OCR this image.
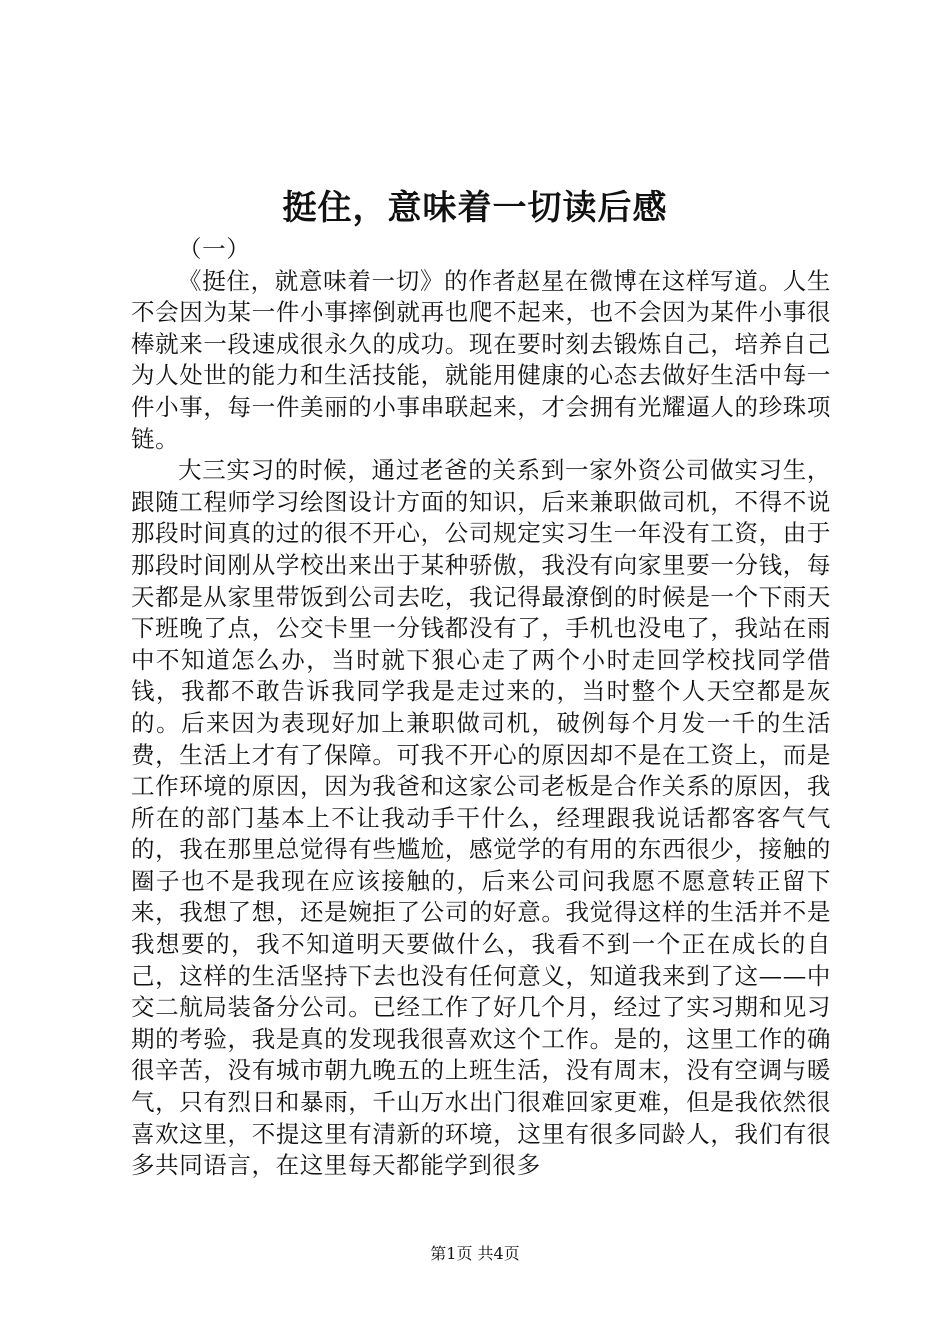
挺住，意味着一切读后感

（一）

《挺住，就意味着一切》的作者赵星在微博在这样写道。人生不会因为某一件小事摔倒就再也爬不起来，也不会因为某件小事很棒就来一段速成很永久的成功。现在要时刻去锻炼自己，培养自己为人处世的能力和生活技能，就能用健康的心态去做好生活中每一件小事，每一件美丽的小事串联起来，才会拥有光耀逼人的珍珠项链。

大三实习的时候，通过老爸的关系到一家外资公司做实习生，跟随工程师学习绘图设计方面的知识，后来兼职做司机，不得不说那段时间真的过的很不开心，公司规定实习生一年没有工资，由于那段时间刚从学校出来出于某种骄傲，我没有向家里要一分钱，每天都是从家里带饭到公司去吃，我记得最潦倒的时候是一个下雨天下班晚了点，公交卡里一分钱都没有了，手机也没电了，我站在雨中不知道怎么办，当时就下狠心走了两个小时走回学校找同学借钱，我都不敢告诉我同学我是走过来的，当时整个人天空都是灰的。后来因为表现好加上兼职做司机，破例每个月发一千的生活费，生活上才有了保障。可我不开心的原因却不是在工资上，而是工作环境的原因，因为我爸和这家公司老板是合作关系的原因，我所在的部门基本上不让我动手干什么，经理跟我说话都客客气气的，我在那里总觉得有些尴尬，感觉学的有用的东西很少，接触的圈子也不是我现在应该接触的，后来公司问我愿不愿意转正留下来，我想了想，还是婉拒了公司的好意。我觉得这样的生活并不是我想要的，我不知道明天要做什么，我看不到一个正在成长的自己，这样的生活坚持下去也没有任何意义，知道我来到了这——中交二航局装备分公司。已经工作了好几个月，经过了实习期和见习期的考验，我是真的发现我很喜欢这个工作。是的，这里工作的确很辛苦，没有城市朝九晚五的上班生活，没有周末，没有空调与暖气，只有烈日和暴雨，千山万水出门很难回家更难，但是我依然很喜欢这里，不提这里有清新的环境，这里有很多同龄人，我们有很多共同语言，在这里每天都能学到很多

第1页 共4页
